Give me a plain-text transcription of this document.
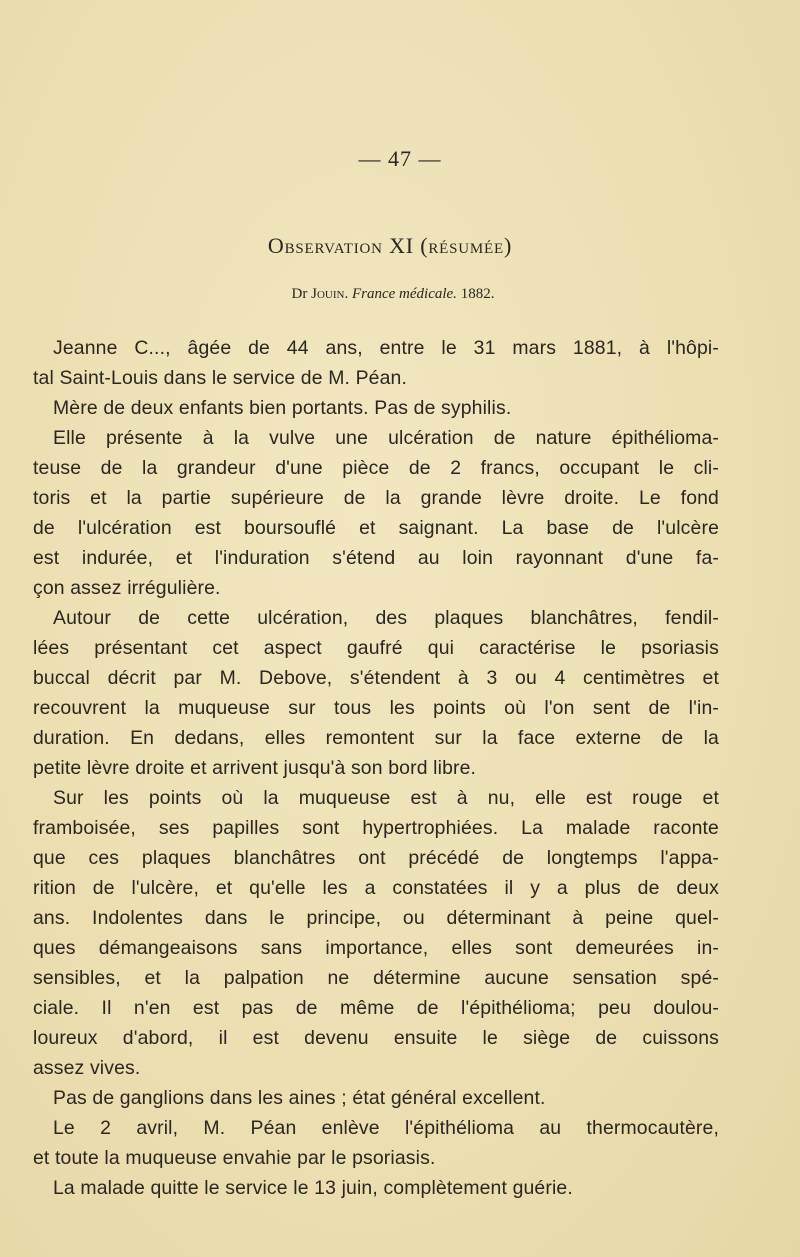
— 47 —
Observation XI (résumée)
Dr Jouin. France médicale. 1882.
Jeanne C..., âgée de 44 ans, entre le 31 mars 1881, à l'hôpi-
tal Saint-Louis dans le service de M. Péan.
Mère de deux enfants bien portants. Pas de syphilis.
Elle présente à la vulve une ulcération de nature épithélioma-
teuse de la grandeur d'une pièce de 2 francs, occupant le cli-
toris et la partie supérieure de la grande lèvre droite. Le fond
de l'ulcération est boursouflé et saignant. La base de l'ulcère
est indurée, et l'induration s'étend au loin rayonnant d'une fa-
çon assez irrégulière.
Autour de cette ulcération, des plaques blanchâtres, fendil-
lées présentant cet aspect gaufré qui caractérise le psoriasis
buccal décrit par M. Debove, s'étendent à 3 ou 4 centimètres et
recouvrent la muqueuse sur tous les points où l'on sent de l'in-
duration. En dedans, elles remontent sur la face externe de la
petite lèvre droite et arrivent jusqu'à son bord libre.
Sur les points où la muqueuse est à nu, elle est rouge et
framboisée, ses papilles sont hypertrophiées. La malade raconte
que ces plaques blanchâtres ont précédé de longtemps l'appa-
rition de l'ulcère, et qu'elle les a constatées il y a plus de deux
ans. Indolentes dans le principe, ou déterminant à peine quel-
ques démangeaisons sans importance, elles sont demeurées in-
sensibles, et la palpation ne détermine aucune sensation spé-
ciale. Il n'en est pas de même de l'épithélioma; peu doulou-
loureux d'abord, il est devenu ensuite le siège de cuissons
assez vives.
Pas de ganglions dans les aines ; état général excellent.
Le 2 avril, M. Péan enlève l'épithélioma au thermocautère,
et toute la muqueuse envahie par le psoriasis.
La malade quitte le service le 13 juin, complètement guérie.
